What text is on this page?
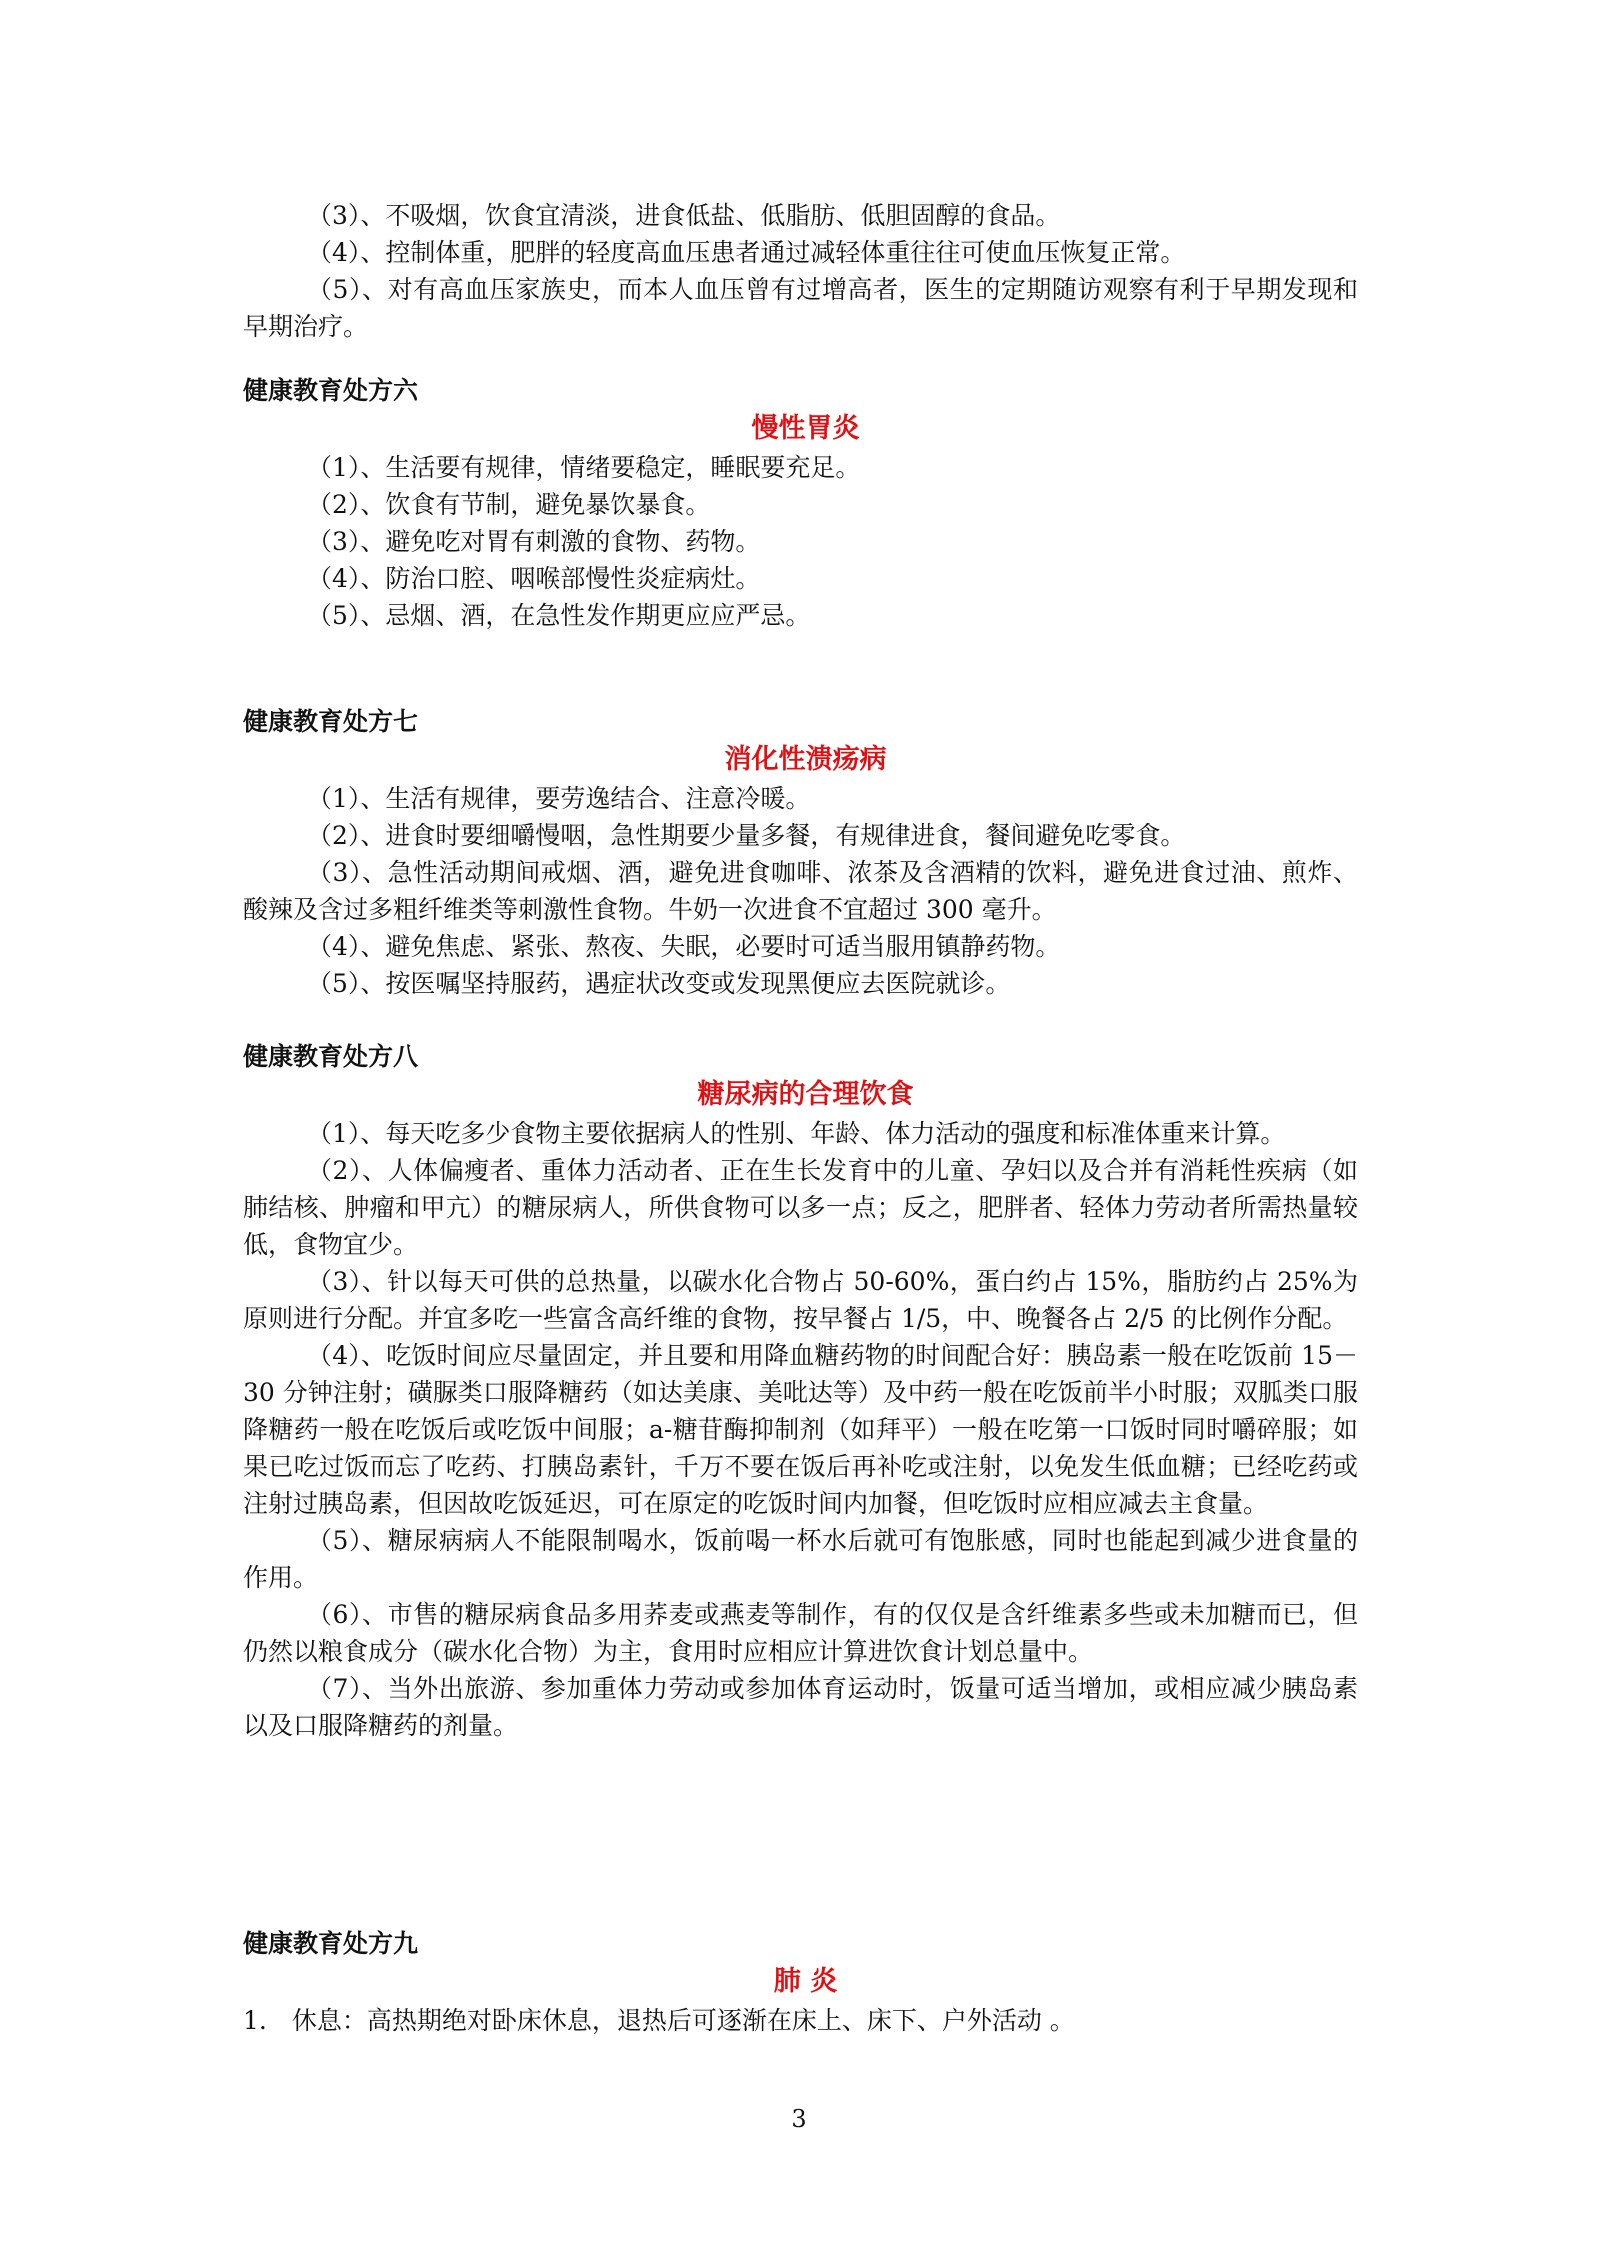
（3）、不吸烟，饮食宜清淡，进食低盐、低脂肪、低胆固醇的食品。

（4）、控制体重，肥胖的轻度高血压患者通过减轻体重往往可使血压恢复正常。

（5）、对有高血压家族史，而本人血压曾有过增高者，医生的定期随访观察有利于早期发现和早期治疗。

健康教育处方六

慢性胃炎

（1）、生活要有规律，情绪要稳定，睡眠要充足。

（2）、饮食有节制，避免暴饮暴食。

（3）、避免吃对胃有刺激的食物、药物。

（4）、防治口腔、咽喉部慢性炎症病灶。

（5）、忌烟、酒，在急性发作期更应应严忌。

健康教育处方七

消化性溃疡病

（1）、生活有规律，要劳逸结合、注意冷暖。

（2）、进食时要细嚼慢咽，急性期要少量多餐，有规律进食，餐间避免吃零食。

（3）、急性活动期间戒烟、酒，避免进食咖啡、浓茶及含酒精的饮料，避免进食过油、煎炸、酸辣及含过多粗纤维类等刺激性食物。牛奶一次进食不宜超过 300 毫升。

（4）、避免焦虑、紧张、熬夜、失眠，必要时可适当服用镇静药物。

（5）、按医嘱坚持服药，遇症状改变或发现黑便应去医院就诊。

健康教育处方八

糖尿病的合理饮食

（1）、每天吃多少食物主要依据病人的性别、年龄、体力活动的强度和标准体重来计算。

（2）、人体偏瘦者、重体力活动者、正在生长发育中的儿童、孕妇以及合并有消耗性疾病（如肺结核、肿瘤和甲亢）的糖尿病人，所供食物可以多一点；反之，肥胖者、轻体力劳动者所需热量较低，食物宜少。

（3）、针以每天可供的总热量，以碳水化合物占 50-60%，蛋白约占 15%，脂肪约占 25%为原则进行分配。并宜多吃一些富含高纤维的食物，按早餐占 1/5，中、晚餐各占 2/5 的比例作分配。

（4）、吃饭时间应尽量固定，并且要和用降血糖药物的时间配合好：胰岛素一般在吃饭前 15－30 分钟注射；磺脲类口服降糖药（如达美康、美吡达等）及中药一般在吃饭前半小时服；双胍类口服降糖药一般在吃饭后或吃饭中间服；a-糖苷酶抑制剂（如拜平）一般在吃第一口饭时同时嚼碎服；如果已吃过饭而忘了吃药、打胰岛素针，千万不要在饭后再补吃或注射，以免发生低血糖；已经吃药或注射过胰岛素，但因故吃饭延迟，可在原定的吃饭时间内加餐，但吃饭时应相应减去主食量。

（5）、糖尿病病人不能限制喝水，饭前喝一杯水后就可有饱胀感，同时也能起到减少进食量的作用。

（6）、市售的糖尿病食品多用荞麦或燕麦等制作，有的仅仅是含纤维素多些或未加糖而已，但仍然以粮食成分（碳水化合物）为主，食用时应相应计算进饮食计划总量中。

（7）、当外出旅游、参加重体力劳动或参加体育运动时，饭量可适当增加，或相应减少胰岛素以及口服降糖药的剂量。

健康教育处方九

肺 炎

1.　休息：高热期绝对卧床休息，退热后可逐渐在床上、床下、户外活动 。

3
